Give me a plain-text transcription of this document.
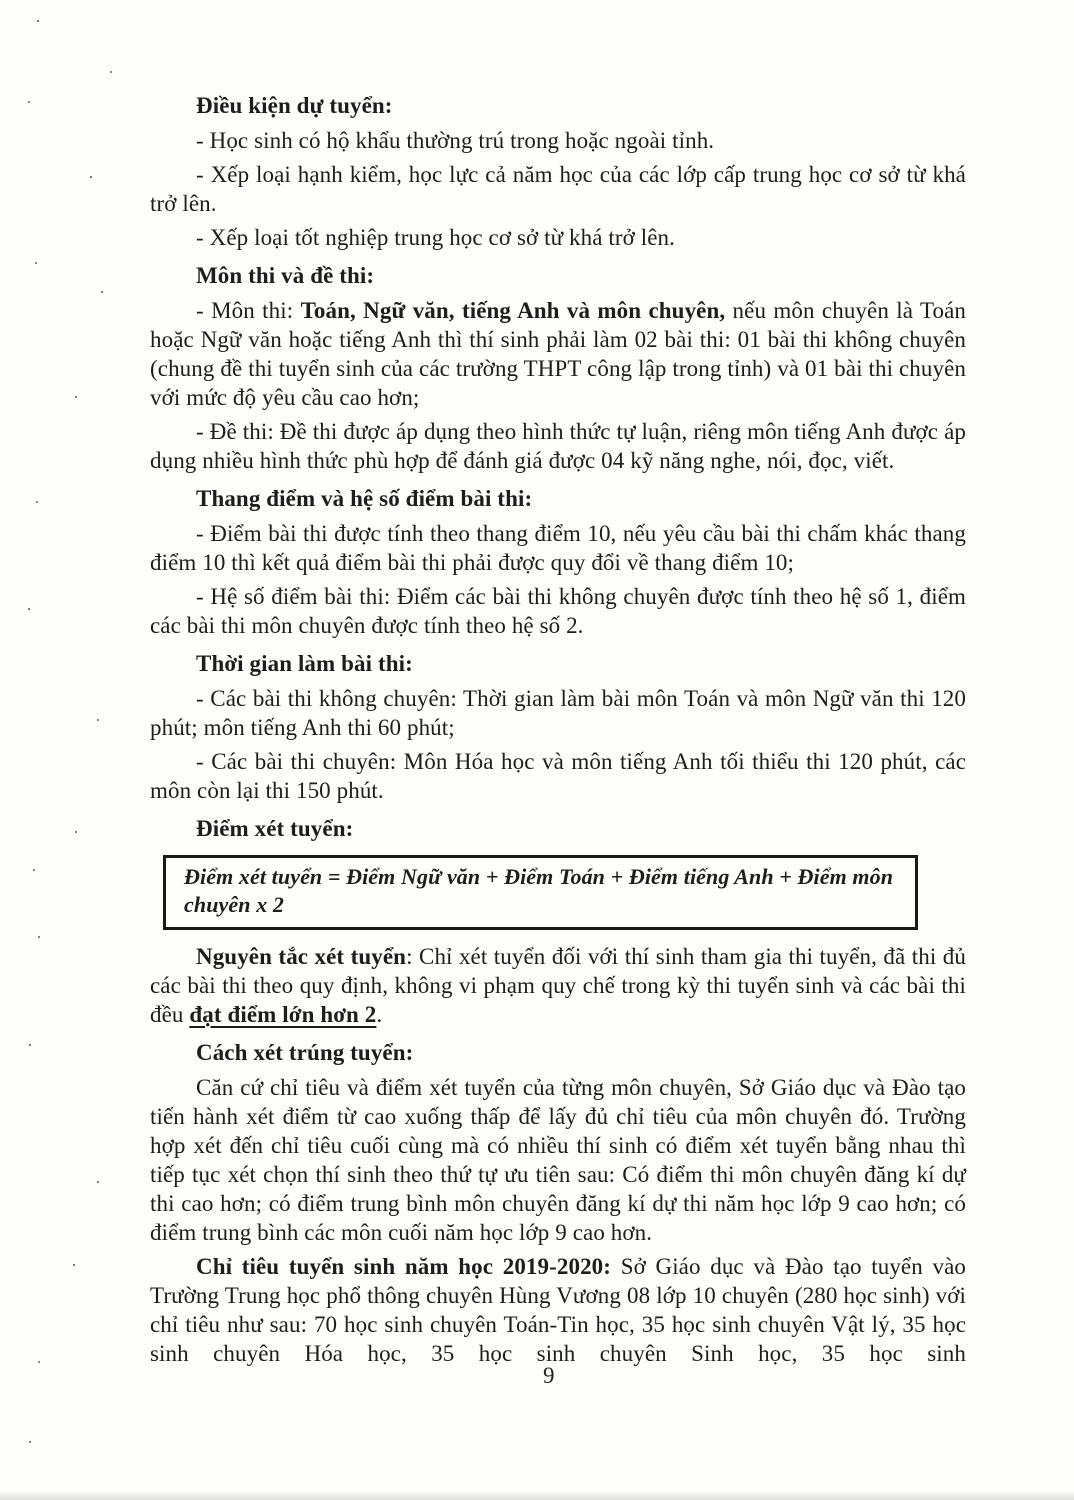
Điều kiện dự tuyển:
- Học sinh có hộ khẩu thường trú trong hoặc ngoài tỉnh.
- Xếp loại hạnh kiểm, học lực cả năm học của các lớp cấp trung học cơ sở từ khá trở lên.
- Xếp loại tốt nghiệp trung học cơ sở từ khá trở lên.
Môn thi và đề thi:
- Môn thi: Toán, Ngữ văn, tiếng Anh và môn chuyên, nếu môn chuyên là Toán hoặc Ngữ văn hoặc tiếng Anh thì thí sinh phải làm 02 bài thi: 01 bài thi không chuyên (chung đề thi tuyển sinh của các trường THPT công lập trong tỉnh) và 01 bài thi chuyên với mức độ yêu cầu cao hơn;
- Đề thi: Đề thi được áp dụng theo hình thức tự luận, riêng môn tiếng Anh được áp dụng nhiều hình thức phù hợp để đánh giá được 04 kỹ năng nghe, nói, đọc, viết.
Thang điểm và hệ số điểm bài thi:
- Điểm bài thi được tính theo thang điểm 10, nếu yêu cầu bài thi chấm khác thang điểm 10 thì kết quả điểm bài thi phải được quy đổi về thang điểm 10;
- Hệ số điểm bài thi: Điểm các bài thi không chuyên được tính theo hệ số 1, điểm các bài thi môn chuyên được tính theo hệ số 2.
Thời gian làm bài thi:
- Các bài thi không chuyên: Thời gian làm bài môn Toán và môn Ngữ văn thi 120 phút; môn tiếng Anh thi 60 phút;
- Các bài thi chuyên: Môn Hóa học và môn tiếng Anh tối thiểu thi 120 phút, các môn còn lại thi 150 phút.
Điểm xét tuyển:
Điểm xét tuyển = Điểm Ngữ văn + Điểm Toán + Điểm tiếng Anh + Điểm môn chuyên x 2
Nguyên tắc xét tuyển: Chỉ xét tuyển đối với thí sinh tham gia thi tuyển, đã thi đủ các bài thi theo quy định, không vi phạm quy chế trong kỳ thi tuyển sinh và các bài thi đều đạt điểm lớn hơn 2.
Cách xét trúng tuyển:
Căn cứ chỉ tiêu và điểm xét tuyển của từng môn chuyên, Sở Giáo dục và Đào tạo tiến hành xét điểm từ cao xuống thấp để lấy đủ chỉ tiêu của môn chuyên đó. Trường hợp xét đến chỉ tiêu cuối cùng mà có nhiều thí sinh có điểm xét tuyển bằng nhau thì tiếp tục xét chọn thí sinh theo thứ tự ưu tiên sau: Có điểm thi môn chuyên đăng kí dự thi cao hơn; có điểm trung bình môn chuyên đăng kí dự thi năm học lớp 9 cao hơn; có điểm trung bình các môn cuối năm học lớp 9 cao hơn.
Chỉ tiêu tuyển sinh năm học 2019-2020: Sở Giáo dục và Đào tạo tuyển vào Trường Trung học phổ thông chuyên Hùng Vương 08 lớp 10 chuyên (280 học sinh) với chỉ tiêu như sau: 70 học sinh chuyên Toán-Tin học, 35 học sinh chuyên Vật lý, 35 học sinh chuyên Hóa học, 35 học sinh chuyên Sinh học, 35 học sinh
9
